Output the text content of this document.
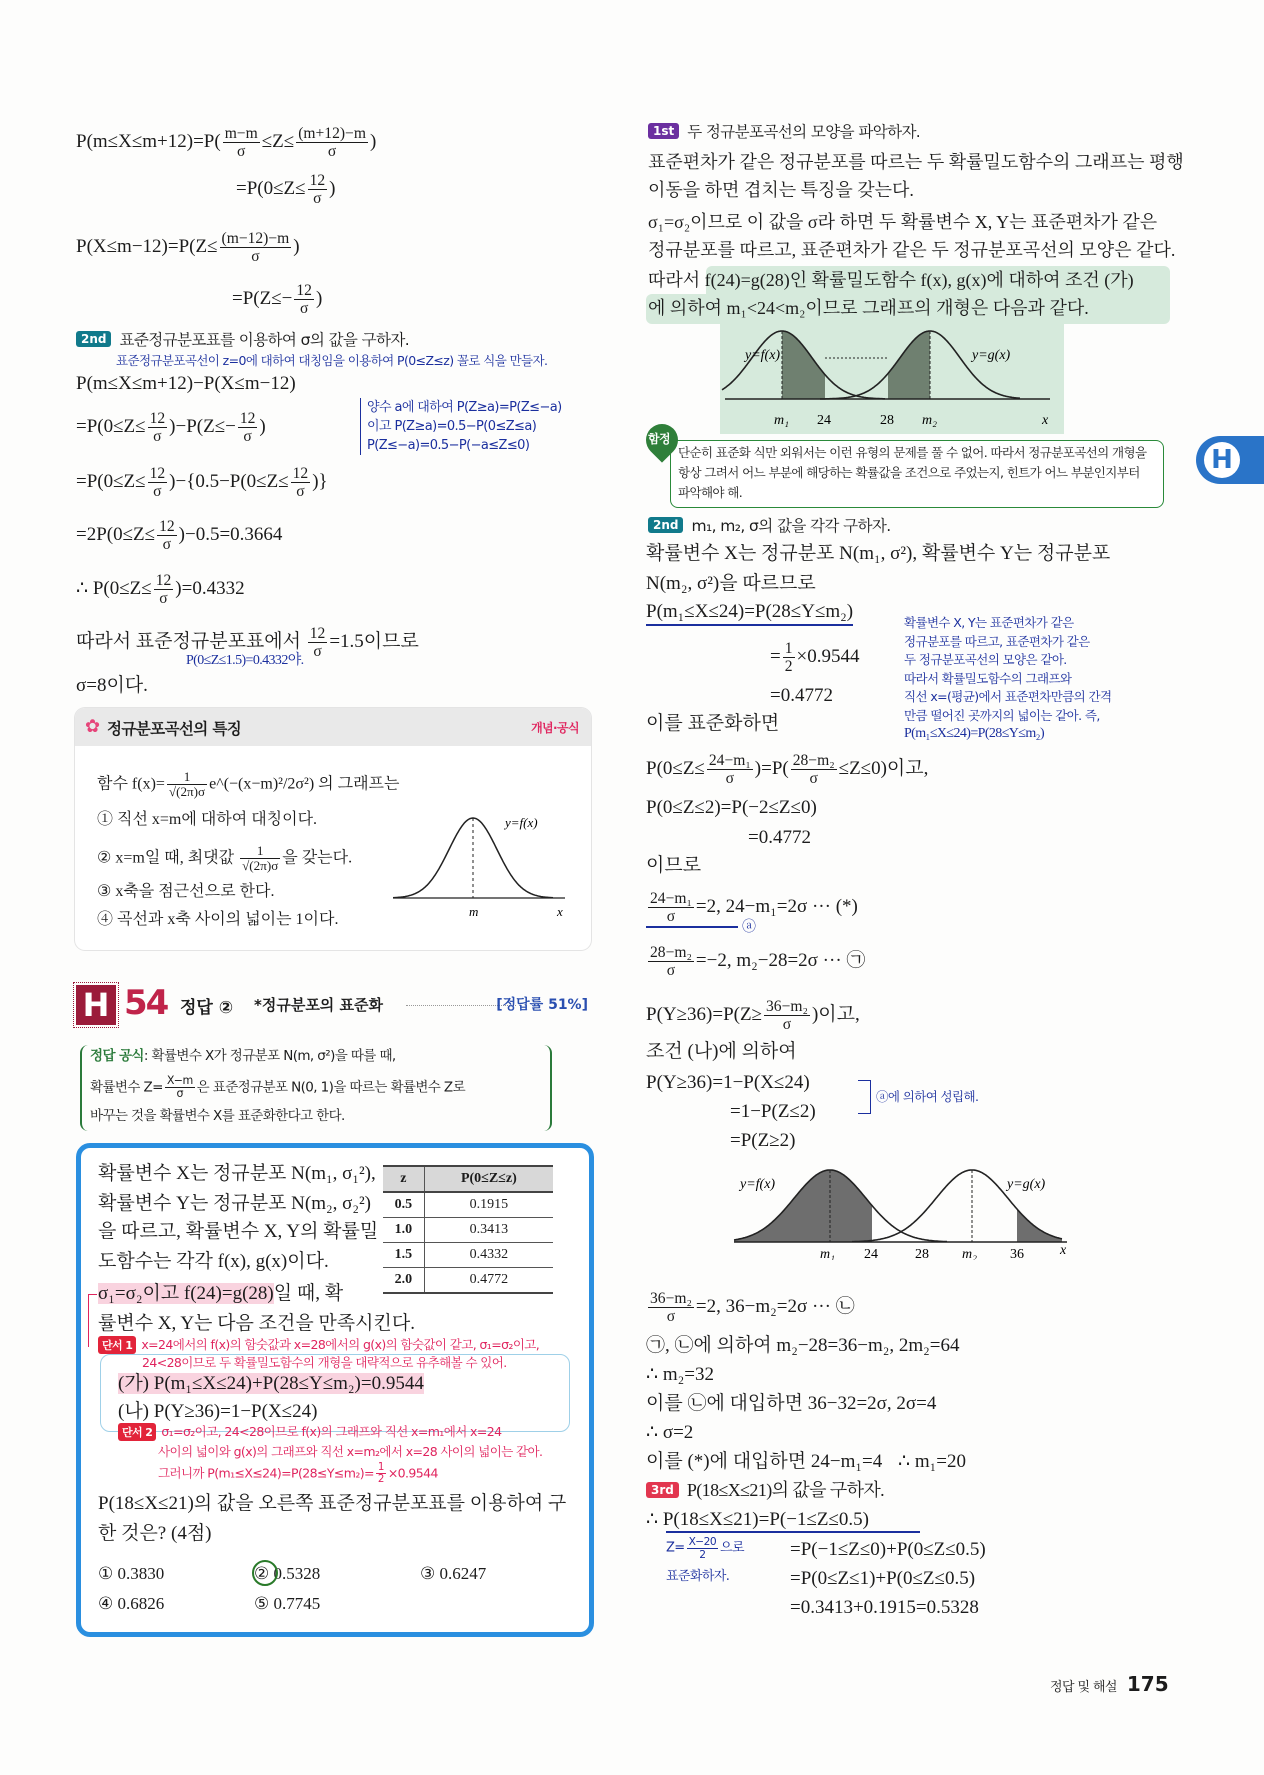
$P(m\le X\le m+12)=P( \frac{m-m}{\sigma} \le Z\le \frac{(m+12)-m}{\sigma}$ )
$=P(0\le Z\le \frac{12}{\sigma}$ )
$P(X\le m-12)=P(Z\le \frac{(m-12)-m}{\sigma}$ )
$=P(Z\le- \frac{12}{\sigma}$ )
2nd 표준정규분포표를 이용하여 σ의 값을 구하자.
표준정규분포곡선이 z=0에 대하여 대칭임을 이용하여 P(0≤Z≤z) 꼴로 식을 만들자.
P(m≤X≤m+12)−P(X≤m−12)
$=P(0\le Z\le \frac{12}{\sigma} )-P(Z\le- \frac{12}{\sigma}$ )
양수 a에 대하여 P(Z≥a)=P(Z≤−a)
이고 P(Z≥a)=0.5−P(0≤Z≤a)
P(Z≤−a)=0.5−P(−a≤Z≤0)
$=P(0\le Z\le \frac{12}{\sigma} )-\{0.5-P(0\le Z\le \frac{12}{\sigma}$ )}
$=2P(0\le Z\le \frac{12}{\sigma} )-0.5=0.3664$
∴ $P(0\le Z\le \frac{12}{\sigma} )=0.4332$
따라서 표준정규분포표에서 $\frac{12}{\sigma} =1.5$이므로
P(0≤Z≤1.5)=0.4332야.
σ=8이다.
✿ 정규분포곡선의 특징	개념·공식
함수 $f(x)= \frac{1}{√(2\pi)\sigma}$ e^(−(x−m)²/2σ²) 의 그래프는
① 직선 x=m에 대하여 대칭이다.
② x=m일 때, 최댓값 $\frac{1}{√(2\pi)\sigma}$ 을 갖는다.
③ x축을 점근선으로 한다.
④ 곡선과 x축 사이의 넓이는 1이다.
y=f(x)
m	x
H 54 정답 ② *정규분포의 표준화	[정답률 51%]
정답 공식: 확률변수 X가 정규분포 N(m, σ²)을 따를 때,
확률변수 $Z= \frac{X-m}{\sigma}$ 은 표준정규분포 N(0, 1)을 따르는 확률변수 Z로
바꾸는 것을 확률변수 X를 표준화한다고 한다.
확률변수 X는 정규분포 N(m₁, σ₁²),
확률변수 Y는 정규분포 N(m₂, σ₂²)
을 따르고, 확률변수 X, Y의 확률밀
도함수는 각각 f(x), g(x)이다.
σ₁=σ₂이고 f(24)=g(28)일 때, 확
률변수 X, Y는 다음 조건을 만족시킨다.
단서 1 x=24에서의 f(x)의 함숫값과 x=28에서의 g(x)의 함숫값이 같고, σ₁=σ₂이고,
24<28이므로 두 확률밀도함수의 개형을 대략적으로 유추해볼 수 있어.
(가) P(m₁≤X≤24)+P(28≤Y≤m₂)=0.9544
(나) P(Y≥36)=1−P(X≤24)
단서 2 σ₁=σ₂이고, 24<28이므로 f(x)의 그래프와 직선 x=m₁에서 x=24
사이의 넓이와 g(x)의 그래프와 직선 x=m₂에서 x=28 사이의 넓이는 같아.
그러니까 $P(m_1\le X\le 24)=P(28\le Y\le m_2)= \frac{1}{2} \times 0.9544$
P(18≤X≤21)의 값을 오른쪽 표준정규분포표를 이용하여 구
한 것은? (4점)
① 0.3830	② 0.5328	③ 0.6247
④ 0.6826	⑤ 0.7745
z	P(0≤Z≤z)
0.5	0.1915
1.0	0.3413
1.5	0.4332
2.0	0.4772
1st 두 정규분포곡선의 모양을 파악하자.
표준편차가 같은 정규분포를 따르는 두 확률밀도함수의 그래프는 평행
이동을 하면 겹치는 특징을 갖는다.
σ₁=σ₂이므로 이 값을 σ라 하면 두 확률변수 X, Y는 표준편차가 같은
정규분포를 따르고, 표준편차가 같은 두 정규분포곡선의 모양은 같다.
따라서 f(24)=g(28)인 확률밀도함수 f(x), g(x)에 대하여 조건 (가)
에 의하여 m₁<24<m₂이므로 그래프의 개형은 다음과 같다.
y=f(x)	y=g(x)
m₁ 24	28 m₂	x
함정
단순히 표준화 식만 외워서는 이런 유형의 문제를 풀 수 없어. 따라서 정규분포곡선의 개형을
항상 그려서 어느 부분에 해당하는 확률값을 조건으로 주었는지, 힌트가 어느 부분인지부터
파악해야 해.
2nd m₁, m₂, σ의 값을 각각 구하자.
확률변수 X는 정규분포 N(m₁, σ²), 확률변수 Y는 정규분포
N(m₂, σ²)을 따르므로
P(m₁≤X≤24)=P(28≤Y≤m₂)
= $\frac{1}{2} \times 0.9544$
=0.4772
이를 표준화하면
확률변수 X, Y는 표준편차가 같은
정규분포를 따르고, 표준편차가 같은
두 정규분포곡선의 모양은 같아.
따라서 확률밀도함수의 그래프와
직선 x=(평균)에서 표준편차만큼의 간격
만큼 떨어진 곳까지의 넓이는 같아. 즉,
P(m₁≤X≤24)=P(28≤Y≤m₂)
$P(0\le Z\le \frac{\text{24−m₁}}{\sigma} )=P( \frac{\text{28−m₂}}{\sigma} \le Z\le 0)$이고,
P(0≤Z≤2)=P(−2≤Z≤0)
=0.4772
이므로
$\frac{\text{24−m₁}}{\sigma} =2$, 24−m₁=2σ ··· (*)
ⓐ
$\frac{\text{28−m₂}}{\sigma} =-2$, m₂−28=2σ ··· ㉠
$P(Y\ge 36)=P(Z\ge \frac{\text{36−m₂}}{\sigma}$ )이고,
조건 (나)에 의하여
P(Y≥36)=1−P(X≤24)
=1−P(Z≤2)
=P(Z≥2)
ⓐ에 의하여 성립해.
y=f(x)	y=g(x)
m₁ 24	28 m₂ 36	x
$\frac{\text{36−m₂}}{\sigma} =2$, 36−m₂=2σ ··· ㉡
㉠, ㉡에 의하여 m₂−28=36−m₂, 2m₂=64
∴ m₂=32
이를 ㉡에 대입하면 36−32=2σ, 2σ=4
∴ σ=2
이를 (*)에 대입하면 24−m₁=4 ∴ m₁=20
3rd P(18≤X≤21)의 값을 구하자.
∴ P(18≤X≤21)=P(−1≤Z≤0.5)
=P(−1≤Z≤0)+P(0≤Z≤0.5)
=P(0≤Z≤1)+P(0≤Z≤0.5)
=0.3413+0.1915=0.5328
$Z= \frac{X-20}{2}$ 으로
표준화하자.
H
정답 및 해설 175
